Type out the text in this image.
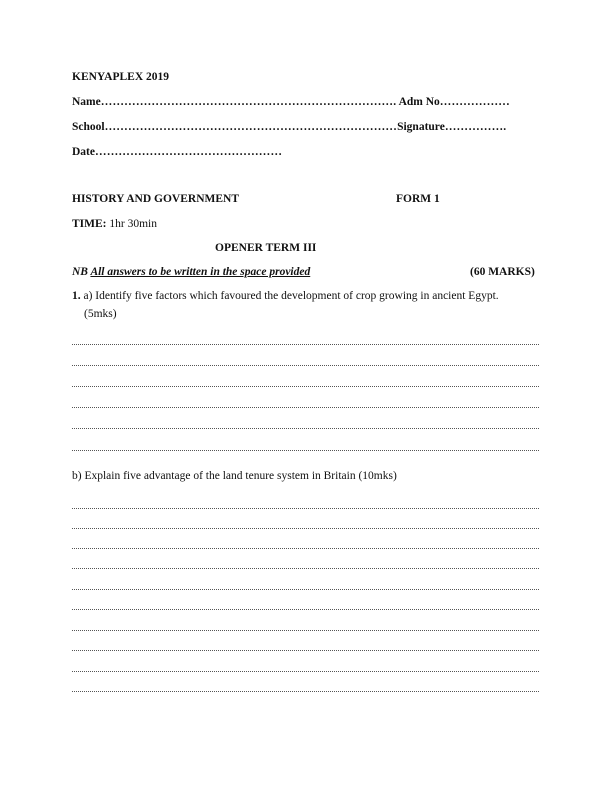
KENYAPLEX 2019
Name…………………………………………………………………. Adm No………………
School…………………………………………………………………Signature…………….
Date…………………………………………
HISTORY AND GOVERNMENT	FORM 1
TIME: 1hr 30min
OPENER TERM III
NB All answers to be written in the space provided	(60 MARKS)
1. a) Identify five factors which favoured the development of crop growing in ancient Egypt.
(5mks)
b) Explain five advantage of the land tenure system in Britain (10mks)
